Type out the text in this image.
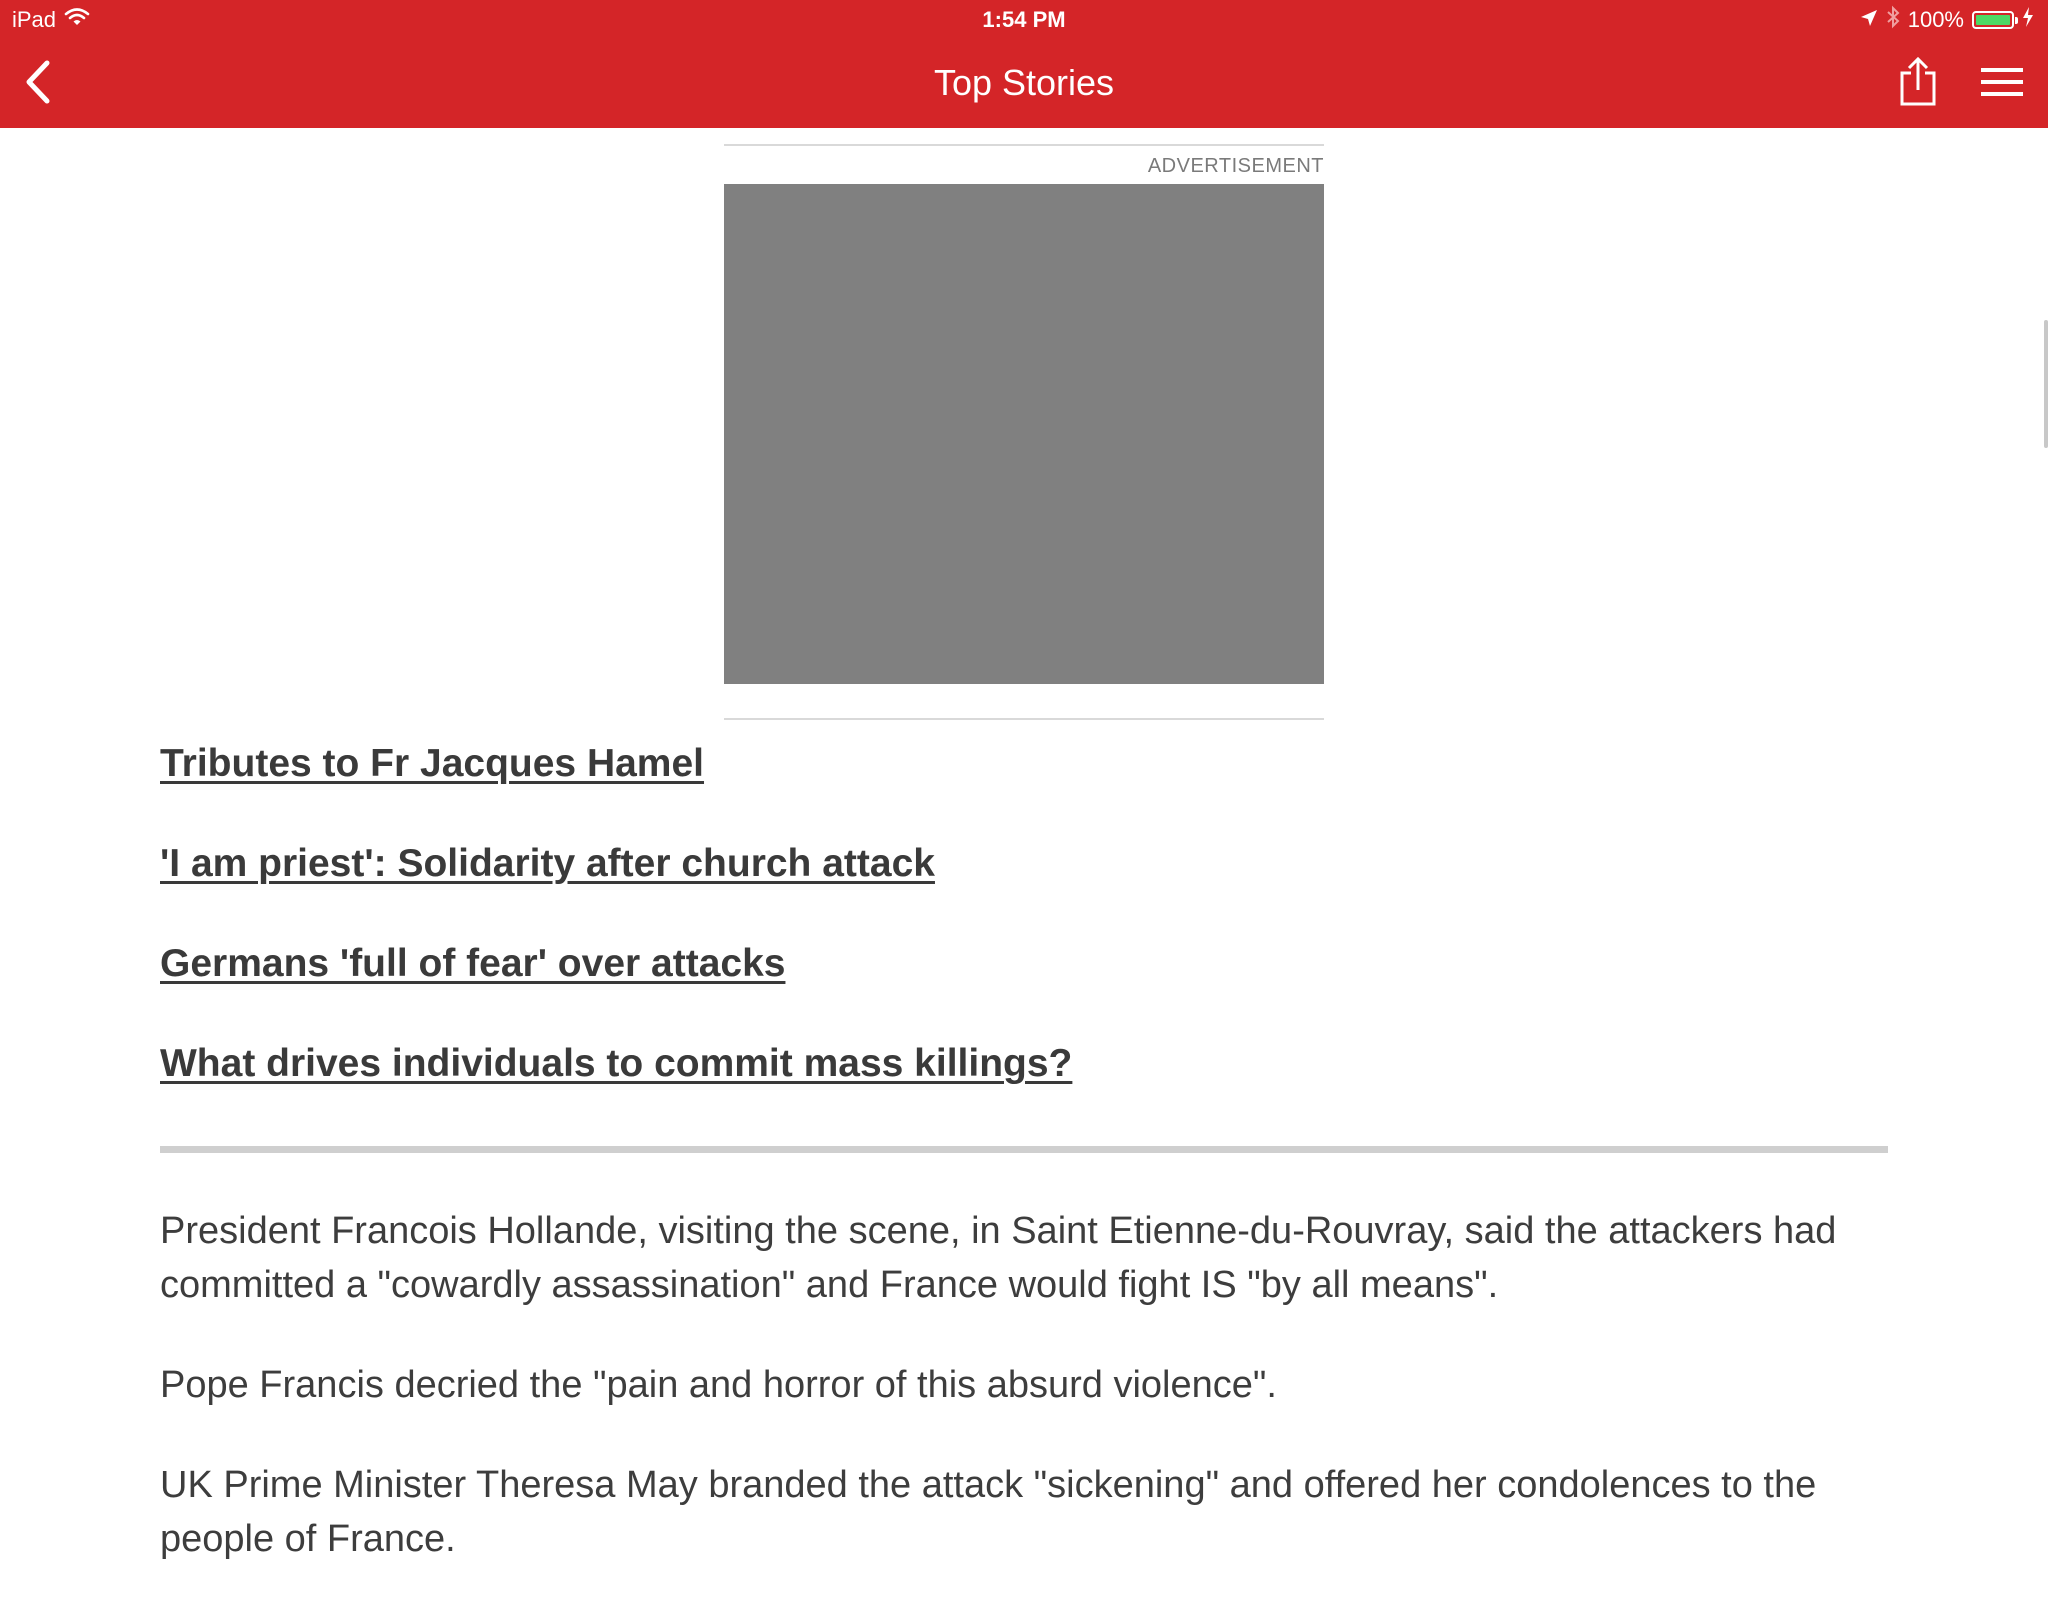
iPad	1:54 PM	100%
Top Stories
ADVERTISEMENT
Tributes to Fr Jacques Hamel
'I am priest': Solidarity after church attack
Germans 'full of fear' over attacks
What drives individuals to commit mass killings?

President Francois Hollande, visiting the scene, in Saint Etienne-du-Rouvray, said the attackers had committed a "cowardly assassination" and France would fight IS "by all means".

Pope Francis decried the "pain and horror of this absurd violence".

UK Prime Minister Theresa May branded the attack "sickening" and offered her condolences to the people of France.
